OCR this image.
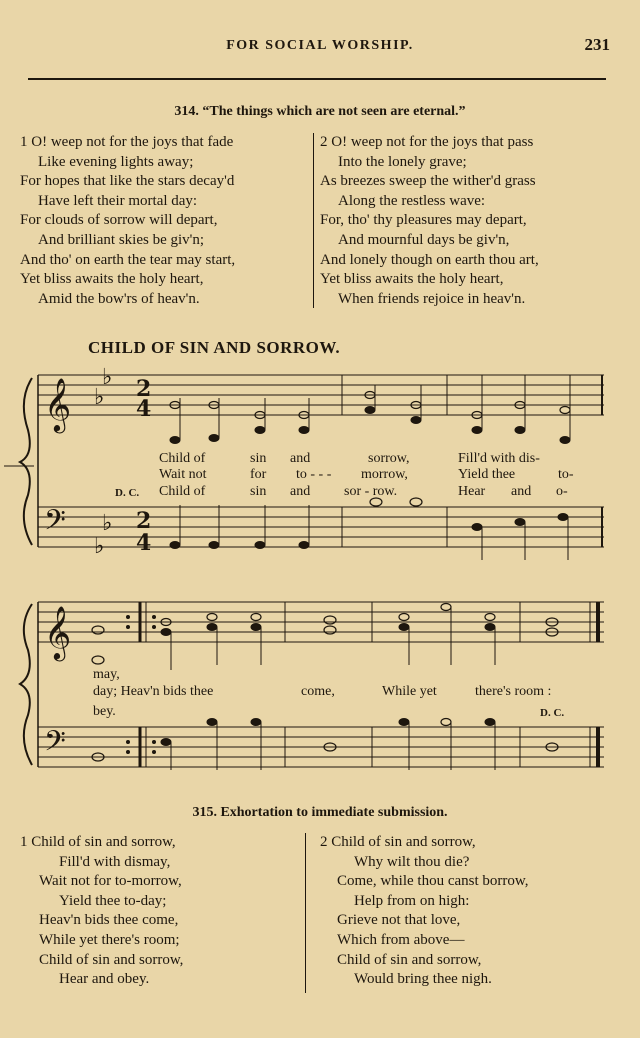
FOR SOCIAL WORSHIP.	231
314. “The things which are not seen are eternal.”
1 O! weep not for the joys that fade
Like evening lights away;
For hopes that like the stars decay'd
Have left their mortal day:
For clouds of sorrow will depart,
And brilliant skies be giv'n;
And tho' on earth the tear may start,
Yet bliss awaits the holy heart,
Amid the bow'rs of heav'n.
2 O! weep not for the joys that pass
Into the lonely grave;
As breezes sweep the wither'd grass
Along the restless wave:
For, tho' thy pleasures may depart,
And mournful days be giv'n,
And lonely though on earth thou art,
Yet bliss awaits the holy heart,
When friends rejoice in heav'n.
CHILD OF SIN AND SORROW.
𝄞
𝄢
𝄞
𝄢
♭
♭
♭
♭
2
4
2
4
Child of	sin and	sorrow,	Fill'd with dis-
Wait not	for to - - - morrow,	Yield thee	to-
D. C. Child of	sin and sor - row.	Hear and o-
may,
day; Heav'n bids thee	come,	While yet	there's room :
bey.	D. C.
315. Exhortation to immediate submission.
1 Child of sin and sorrow,
Fill'd with dismay,
Wait not for to-morrow,
Yield thee to-day;
Heav'n bids thee come,
While yet there's room;
Child of sin and sorrow,
Hear and obey.
2 Child of sin and sorrow,
Why wilt thou die?
Come, while thou canst borrow,
Help from on high:
Grieve not that love,
Which from above—
Child of sin and sorrow,
Would bring thee nigh.
